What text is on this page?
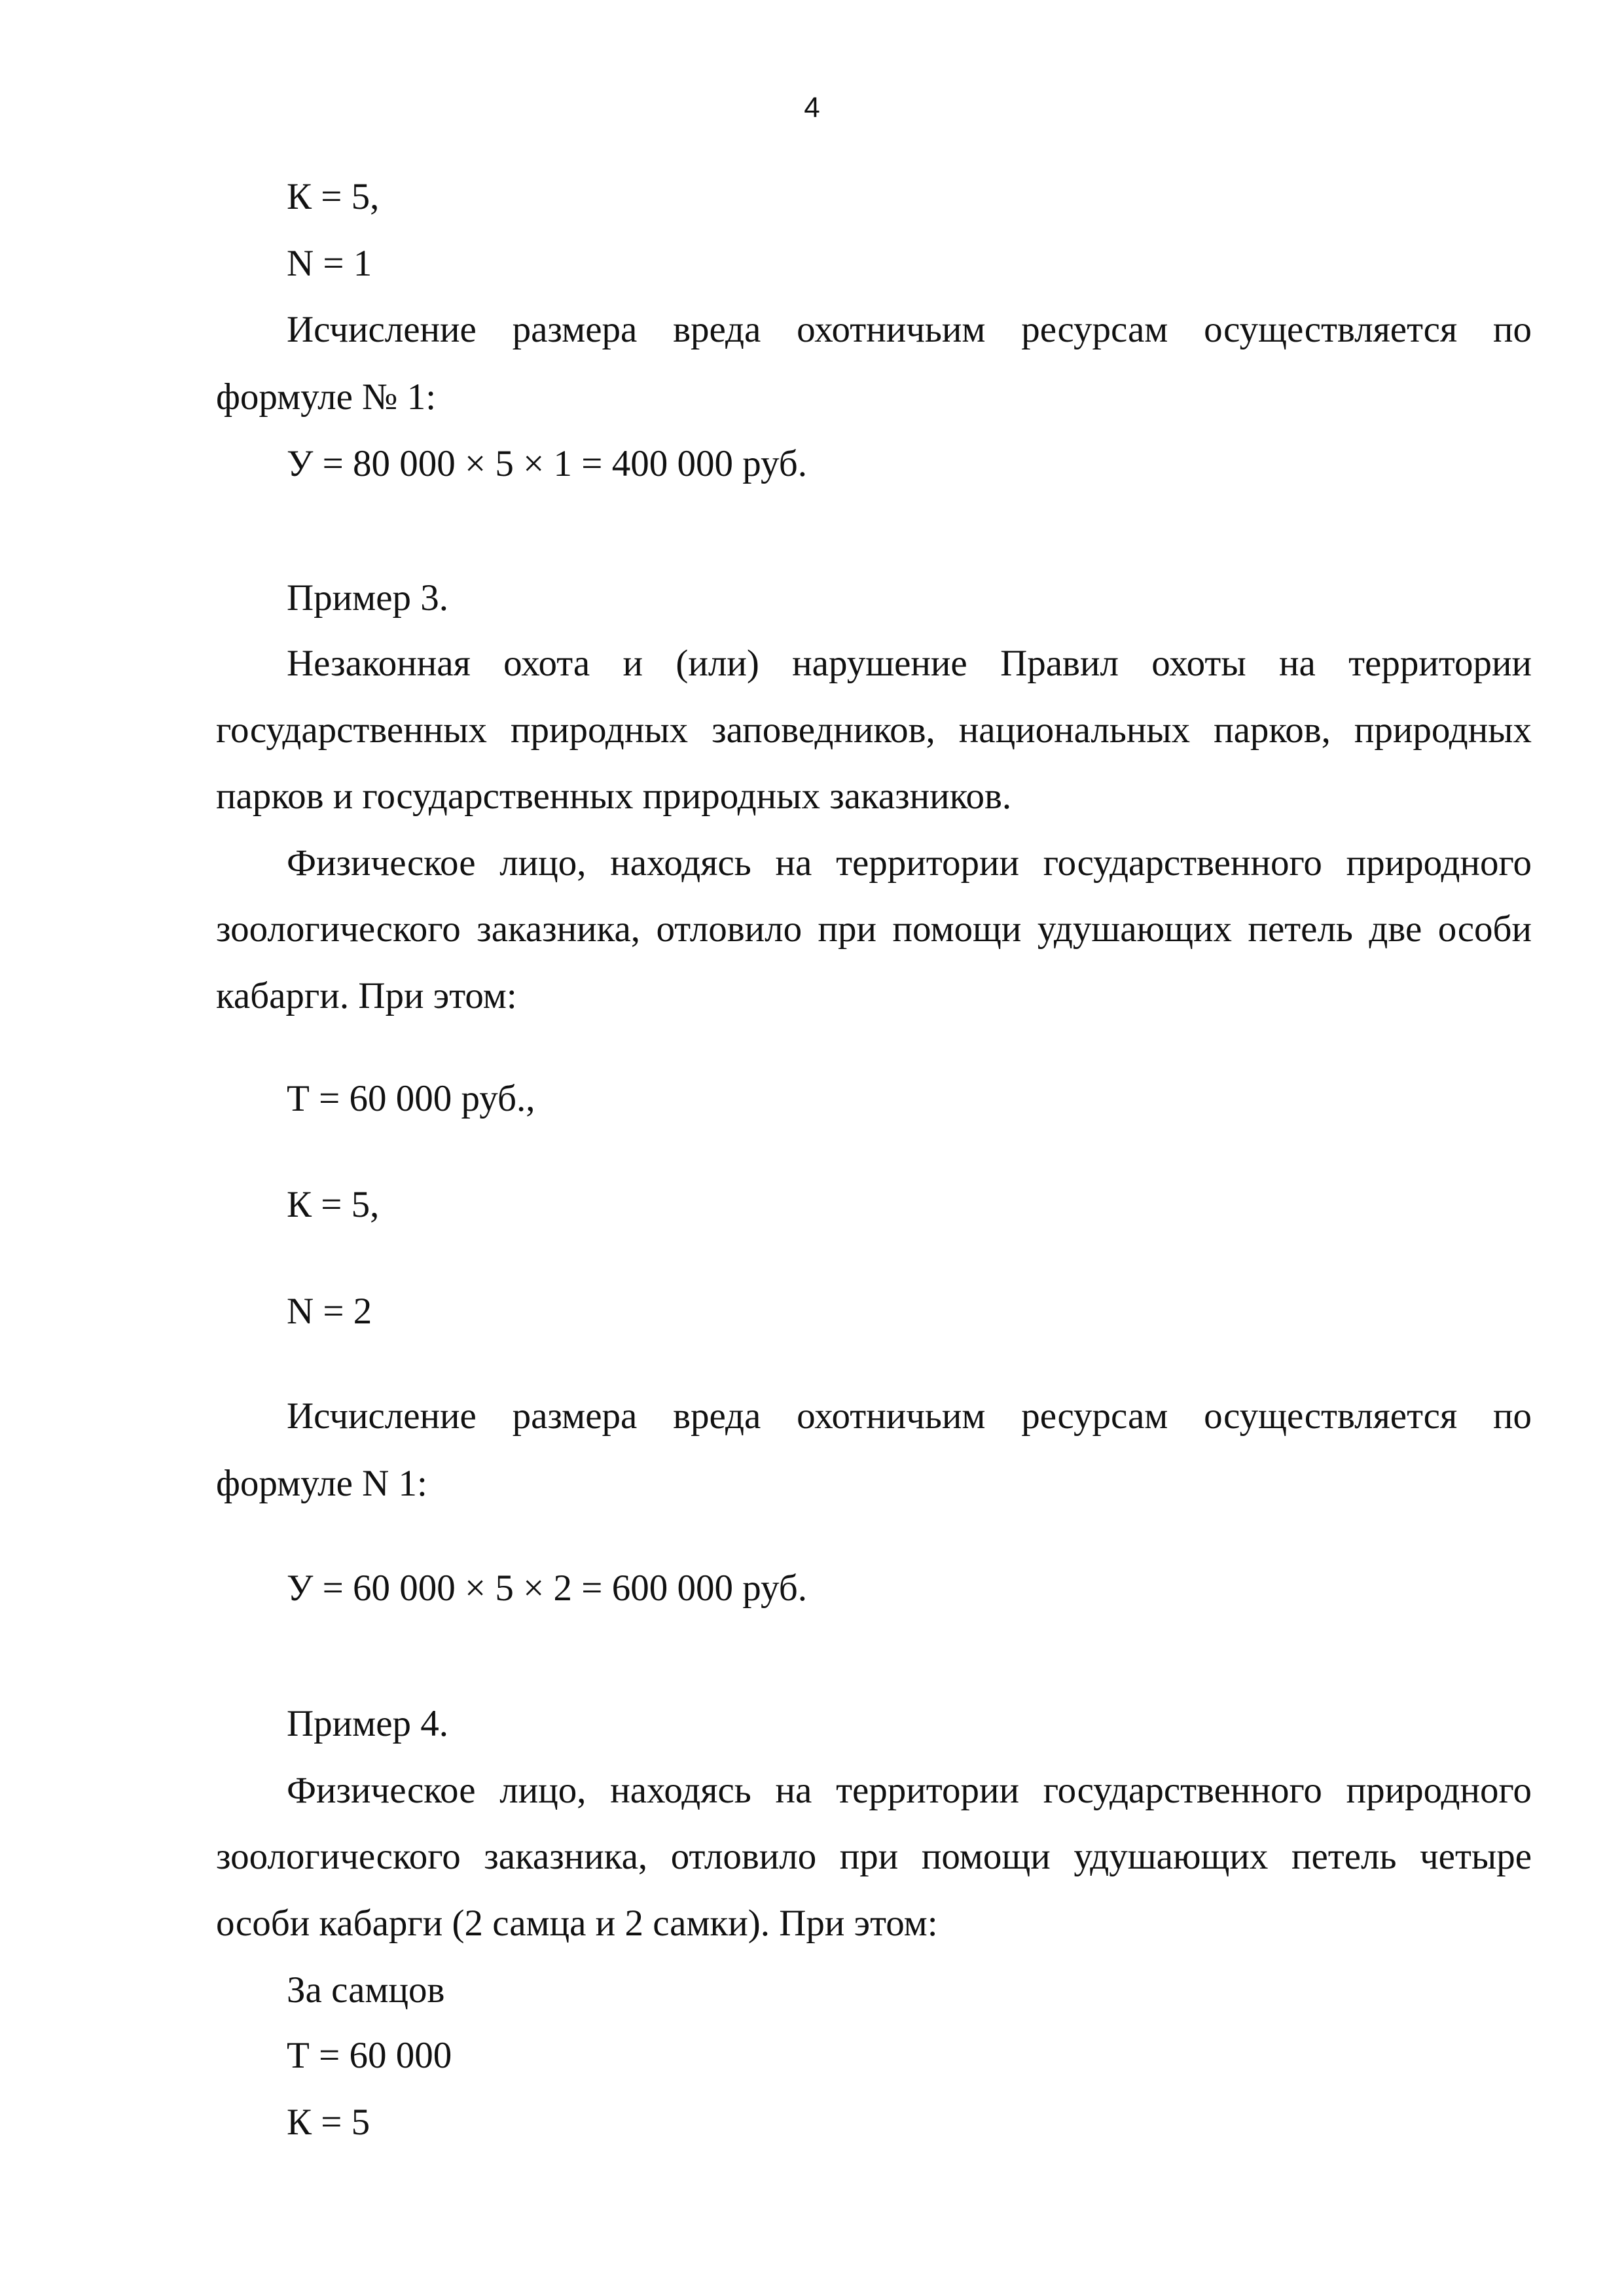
4
К = 5,
N = 1
Исчисление размера вреда охотничьим ресурсам осуществляется по
формуле № 1:
У = 80 000 × 5 × 1 = 400 000 руб.
Пример 3.
Незаконная охота и (или) нарушение Правил охоты на территории
государственных природных заповедников, национальных парков, природных
парков и государственных природных заказников.
Физическое лицо, находясь на территории государственного природного
зоологического заказника, отловило при помощи удушающих петель две особи
кабарги. При этом:
Т = 60 000 руб.,
К = 5,
N = 2
Исчисление размера вреда охотничьим ресурсам осуществляется по
формуле N 1:
У = 60 000 × 5 × 2 = 600 000 руб.
Пример 4.
Физическое лицо, находясь на территории государственного природного
зоологического заказника, отловило при помощи удушающих петель четыре
особи кабарги (2 самца и 2 самки). При этом:
За самцов
Т = 60 000
К = 5
